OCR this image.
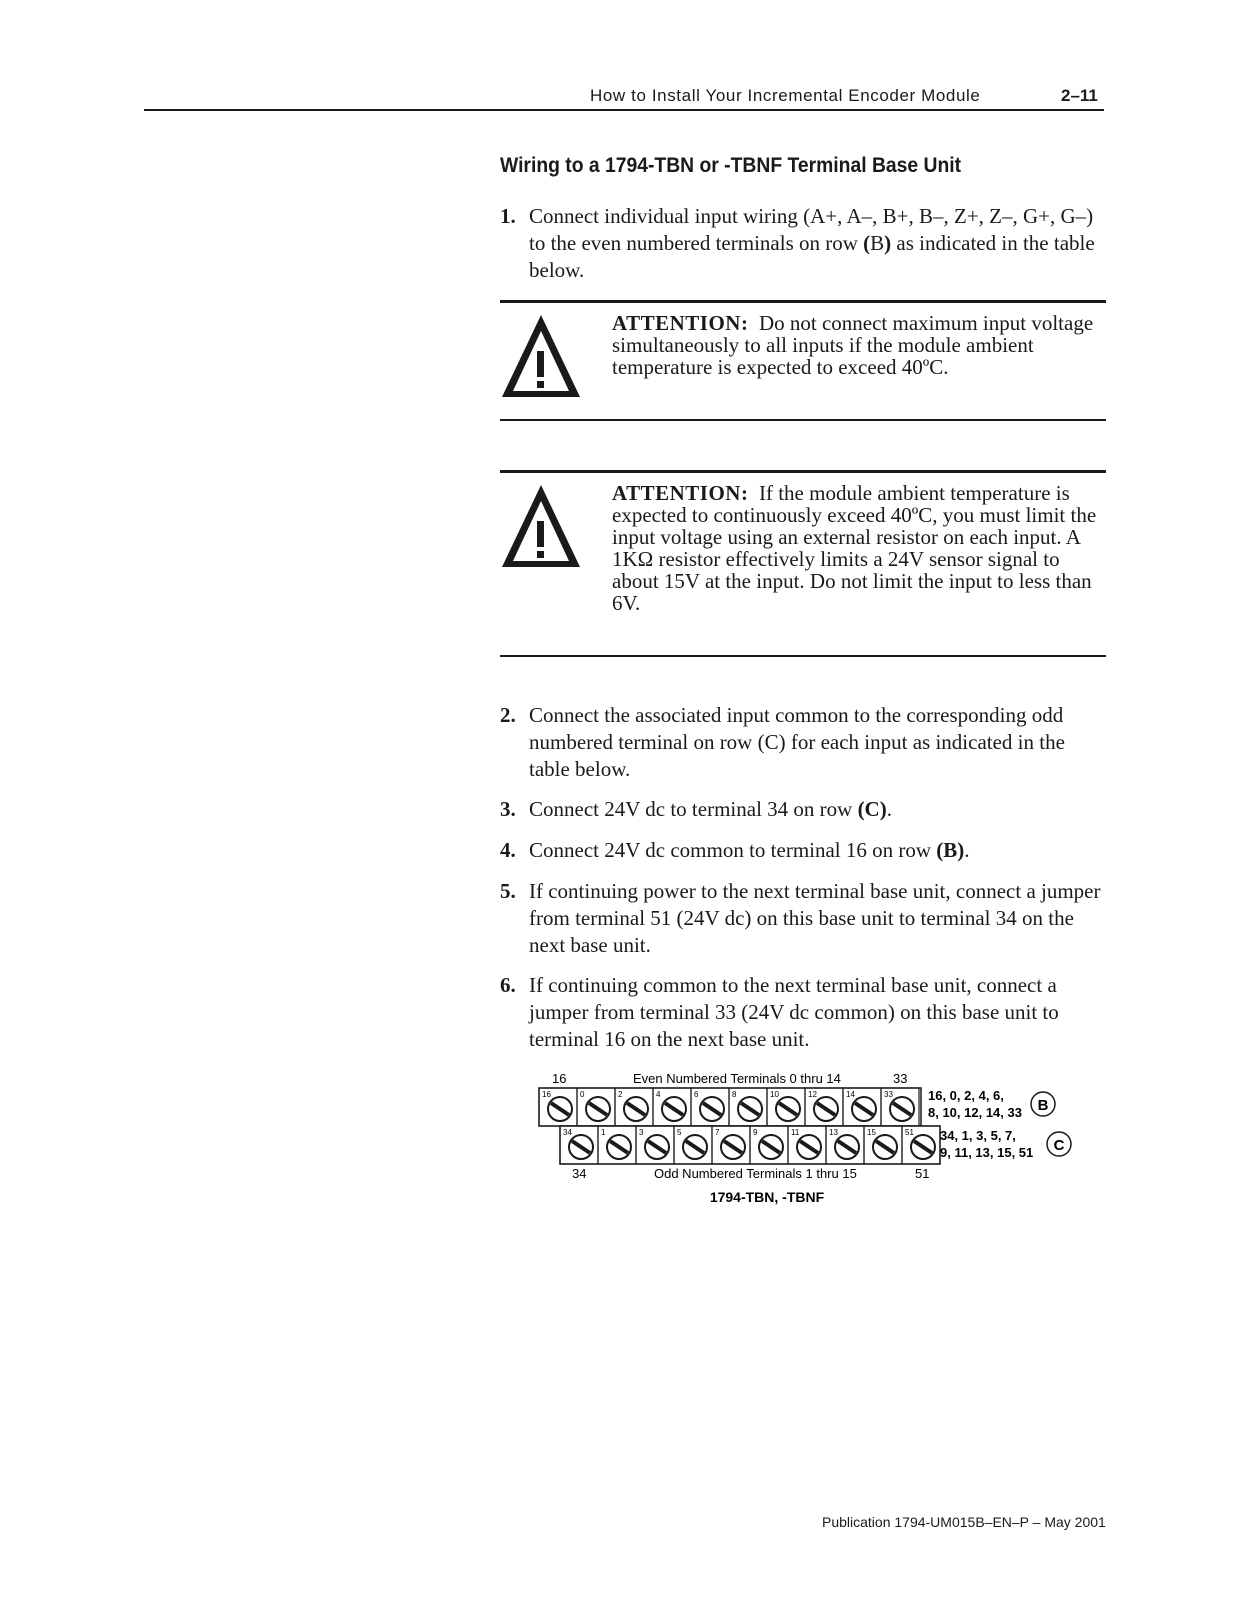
How to Install Your Incremental Encoder Module	2–11
Wiring to a 1794-TBN or -TBNF Terminal Base Unit
1. Connect individual input wiring (A+, A–, B+, B–, Z+, Z–, G+, G–) to the even numbered terminals on row (B) as indicated in the table below.
ATTENTION: Do not connect maximum input voltage simultaneously to all inputs if the module ambient temperature is expected to exceed 40ºC.
ATTENTION: If the module ambient temperature is expected to continuously exceed 40ºC, you must limit the input voltage using an external resistor on each input. A 1KΩ resistor effectively limits a 24V sensor signal to about 15V at the input. Do not limit the input to less than 6V.
2. Connect the associated input common to the corresponding odd numbered terminal on row (C) for each input as indicated in the table below.
3. Connect 24V dc to terminal 34 on row (C).
4. Connect 24V dc common to terminal 16 on row (B).
5. If continuing power to the next terminal base unit, connect a jumper from terminal 51 (24V dc) on this base unit to terminal 34 on the next base unit.
6. If continuing common to the next terminal base unit, connect a jumper from terminal 33 (24V dc common) on this base unit to terminal 16 on the next base unit.
16	Even Numbered Terminals 0 thru 14	33
16	0	2	4	6	8	10	12	14	33
34	1	3	5	7	9	11	13	15	51
34	Odd Numbered Terminals 1 thru 15	51
16, 0, 2, 4, 6,
8, 10, 12, 14, 33 B
34, 1, 3, 5, 7,
9, 11, 13, 15, 51 C
1794-TBN, -TBNF
Publication 1794-UM015B–EN–P – May 2001
